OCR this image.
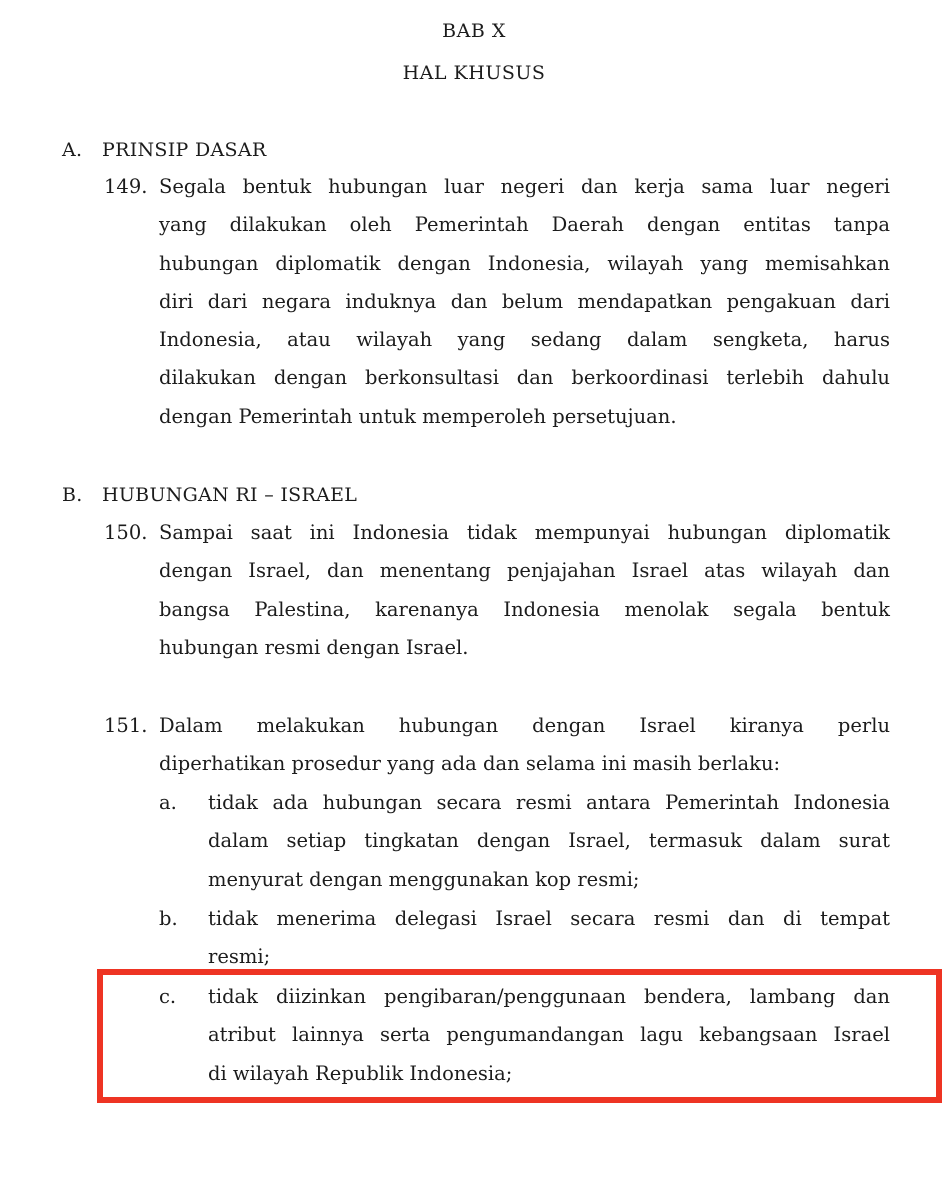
BAB X
HAL KHUSUS
A. PRINSIP DASAR
149. Segala bentuk hubungan luar negeri dan kerja sama luar negeri
yang dilakukan oleh Pemerintah Daerah dengan entitas tanpa
hubungan diplomatik dengan Indonesia, wilayah yang memisahkan
diri dari negara induknya dan belum mendapatkan pengakuan dari
Indonesia, atau wilayah yang sedang dalam sengketa, harus
dilakukan dengan berkonsultasi dan berkoordinasi terlebih dahulu
dengan Pemerintah untuk memperoleh persetujuan.
B. HUBUNGAN RI – ISRAEL
150. Sampai saat ini Indonesia tidak mempunyai hubungan diplomatik
dengan Israel, dan menentang penjajahan Israel atas wilayah dan
bangsa Palestina, karenanya Indonesia menolak segala bentuk
hubungan resmi dengan Israel.
151. Dalam melakukan hubungan dengan Israel kiranya perlu
diperhatikan prosedur yang ada dan selama ini masih berlaku:
a. tidak ada hubungan secara resmi antara Pemerintah Indonesia
dalam setiap tingkatan dengan Israel, termasuk dalam surat
menyurat dengan menggunakan kop resmi;
b. tidak menerima delegasi Israel secara resmi dan di tempat
resmi;
c. tidak diizinkan pengibaran/penggunaan bendera, lambang dan
atribut lainnya serta pengumandangan lagu kebangsaan Israel
di wilayah Republik Indonesia;
